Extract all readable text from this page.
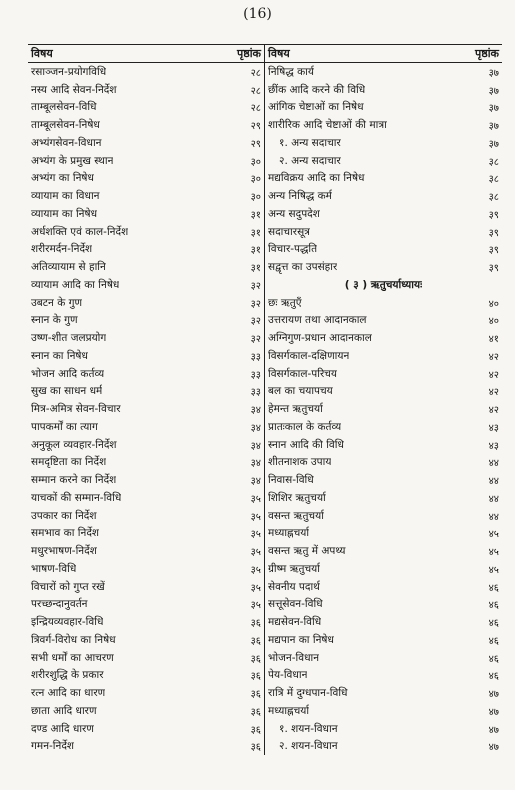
(16)
विषय	पृष्ठांक
रसाञ्जन-प्रयोगविधि	२८
नस्य आदि सेवन-निर्देश	२८
ताम्बूलसेवन-विधि	२८
ताम्बूलसेवन-निषेध	२९
अभ्यंगसेवन-विधान	२९
अभ्यंग के प्रमुख स्थान	३०
अभ्यंग का निषेध	३०
व्यायाम का विधान	३०
व्यायाम का निषेध	३१
अर्धशक्ति एवं काल-निर्देश	३१
शरीरमर्दन-निर्देश	३१
अतिव्यायाम से हानि	३१
व्यायाम आदि का निषेध	३२
उबटन के गुण	३२
स्नान के गुण	३२
उष्ण-शीत जलप्रयोग	३२
स्नान का निषेध	३३
भोजन आदि कर्तव्य	३३
सुख का साधन धर्म	३३
मित्र-अमित्र सेवन-विचार	३४
पापकर्मों का त्याग	३४
अनुकूल व्यवहार-निर्देश	३४
समदृष्टिता का निर्देश	३४
सम्मान करने का निर्देश	३४
याचकों की सम्मान-विधि	३५
उपकार का निर्देश	३५
समभाव का निर्देश	३५
मधुरभाषण-निर्देश	३५
भाषण-विधि	३५
विचारों को गुप्त रखें	३५
परच्छन्दानुवर्तन	३५
इन्द्रियव्यवहार-विधि	३६
त्रिवर्ग-विरोध का निषेध	३६
सभी धर्मों का आचरण	३६
शरीरशुद्धि के प्रकार	३६
रत्न आदि का धारण	३६
छाता आदि धारण	३६
दण्ड आदि धारण	३६
गमन-निर्देश	३६
विषय	पृष्ठांक
निषिद्ध कार्य	३७
छींक आदि करने की विधि	३७
आंगिक चेष्टाओं का निषेध	३७
शारीरिक आदि चेष्टाओं की मात्रा	३७
१. अन्य सदाचार	३७
२. अन्य सदाचार	३८
मद्यविक्रय आदि का निषेध	३८
अन्य निषिद्ध कर्म	३८
अन्य सदुपदेश	३९
सदाचारसूत्र	३९
विचार-पद्धति	३९
सद्वृत्त का उपसंहार	३९
( ३ ) ऋतुचर्याध्यायः
छः ऋतुएँ	४०
उत्तरायण तथा आदानकाल	४०
अग्निगुण-प्रधान आदानकाल	४१
विसर्गकाल-दक्षिणायन	४२
विसर्गकाल-परिचय	४२
बल का चयापचय	४२
हेमन्त ऋतुचर्या	४२
प्रातःकाल के कर्तव्य	४३
स्नान आदि की विधि	४३
शीतनाशक उपाय	४४
निवास-विधि	४४
शिशिर ऋतुचर्या	४४
वसन्त ऋतुचर्या	४४
मध्याह्नचर्या	४५
वसन्त ऋतु में अपथ्य	४५
ग्रीष्म ऋतुचर्या	४५
सेवनीय पदार्थ	४६
सत्तूसेवन-विधि	४६
मद्यसेवन-विधि	४६
मद्यपान का निषेध	४६
भोजन-विधान	४६
पेय-विधान	४६
रात्रि में दुग्धपान-विधि	४७
मध्याह्नचर्या	४७
१. शयन-विधान	४७
२. शयन-विधान	४७
